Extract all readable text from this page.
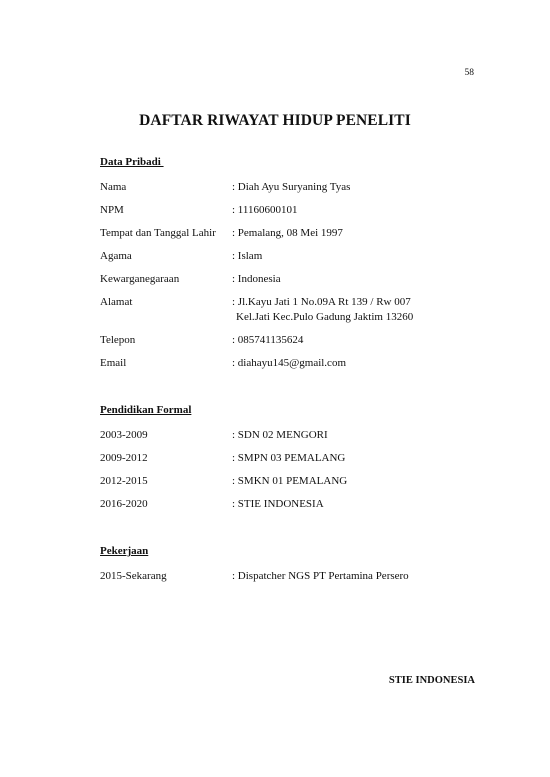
58
DAFTAR RIWAYAT HIDUP PENELITI
Data Pribadi
Nama	: Diah Ayu Suryaning Tyas
NPM	: 11160600101
Tempat dan Tanggal Lahir : Pemalang, 08 Mei 1997
Agama	: Islam
Kewarganegaraan	: Indonesia
Alamat	: Jl.Kayu Jati 1 No.09A Rt 139 / Rw 007
Kel.Jati Kec.Pulo Gadung Jaktim 13260
Telepon	: 085741135624
Email	: diahayu145@gmail.com
Pendidikan Formal
2003-2009	: SDN 02 MENGORI
2009-2012	: SMPN 03 PEMALANG
2012-2015	: SMKN 01 PEMALANG
2016-2020	: STIE INDONESIA
Pekerjaan
2015-Sekarang	: Dispatcher NGS PT Pertamina Persero
STIE INDONESIA
